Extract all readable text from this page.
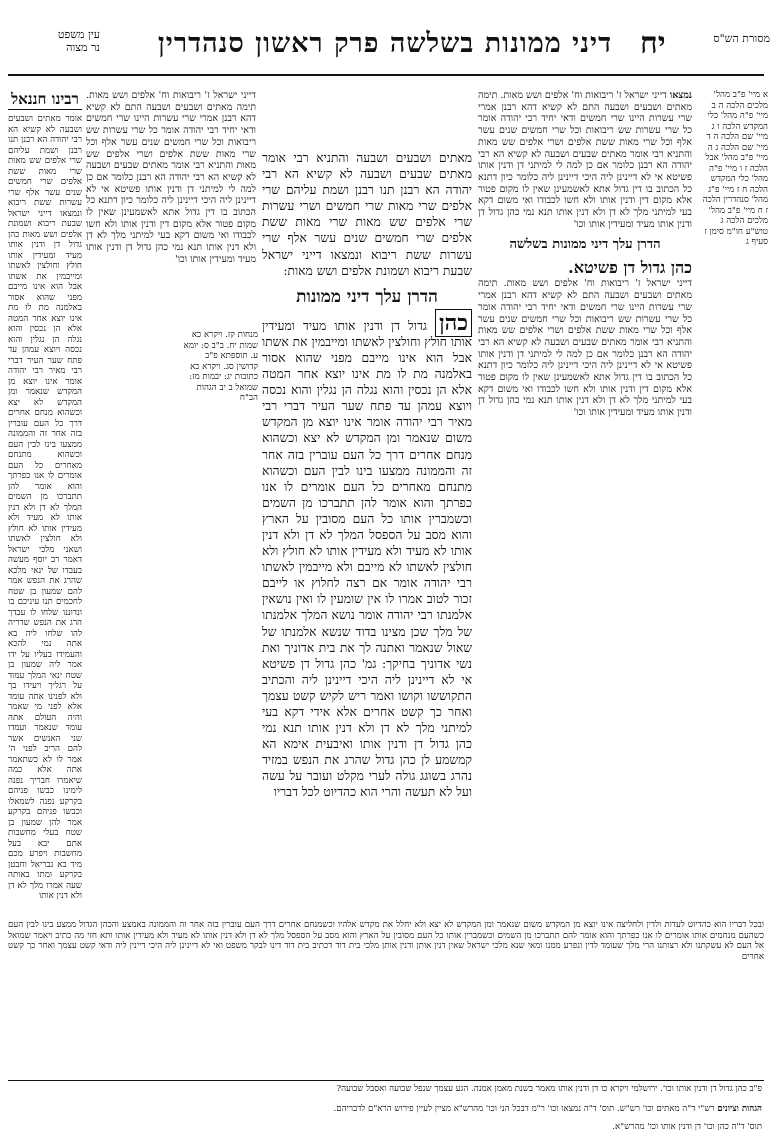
מסורת הש"ס
יח
דיני ממונות בשלשה פרק ראשון סנהדרין
עין משפט
נר מצוה

א מיי' פ"ב מהל' מלכים הלכה ה ב מיי' פ"ה מהל' כלי המקדש הלכה ו ג מיי' שם הלכה ה ד מיי' שם הלכה ג ה מיי' פ"ב מהל' אבל הלכה ז ו מיי' פ"ה מהל' כלי המקדש הלכה ח ז מיי' פ"ג מהל' סנהדרין הלכה ז ח מיי' פ"ב מהל' מלכים הלכה ג טוש"ע חו"מ סימן ז סעיף ג

נמצאו דייני ישראל ז' ריבואות וח' אלפים ושש מאות. תימה מאתים ושבעים ושבעה התם לא קשיא דהא רבנן אמרי שרי עשרות היינו שרי חמשים ודאי יחיד רבי יהודה אומר כל שרי עשרות שש ריבואות וכל שרי חמשים שנים עשר אלף וכל שרי מאות ששת אלפים ושרי אלפים שש מאות והתניא רבי אומר מאתים שבעים ושבעה לא קשיא הא רבי יהודה הא רבנן כלומר אם כן למה לי למיתני דן ודנין אותו פשיטא אי לא דיינינן ליה היכי דיינינן ליה כלומר כיון דתנא כל הכתוב בו דין גדול אתא לאשמעינן שאין לו מקום פטור אלא מקום דין ודנין אותו ולא חשו לכבודו ואי משום דקא בעי למיתני מלך לא דן ולא דנין אותו תנא נמי כהן גדול דן ודנין אותו מעיד ומעידין אותו וכו'
הדרן עלך דיני ממונות בשלשה
כהן גדול דן פשיטא.
דייני ישראל ז' ריבואות וח' אלפים ושש מאות. תימה מאתים ושבעים ושבעה התם לא קשיא דהא רבנן אמרי שרי עשרות היינו שרי חמשים ודאי יחיד רבי יהודה אומר כל שרי עשרות שש ריבואות וכל שרי חמשים שנים עשר אלף וכל שרי מאות ששת אלפים ושרי אלפים שש מאות והתניא רבי אומר מאתים שבעים ושבעה לא קשיא הא רבי יהודה הא רבנן כלומר אם כן למה לי למיתני דן ודנין אותו פשיטא אי לא דיינינן ליה היכי דיינינן ליה כלומר כיון דתנא כל הכתוב בו דין גדול אתא לאשמעינן שאין לו מקום פטור אלא מקום דין ודנין אותו ולא חשו לכבודו ואי משום דקא בעי למיתני מלך לא דן ולא דנין אותו תנא נמי כהן גדול דן ודנין אותו מעיד ומעידין אותו וכו'

מאתים ושבעים ושבעה והתניא רבי אומר מאתים שבעים ושבעה לא קשיא הא רבי יהודה הא רבנן תנו רבנן ושמת עליהם שרי אלפים שרי מאות שרי חמשים ושרי עשרות שרי אלפים שש מאות שרי מאות ששת אלפים שרי חמשים שנים עשר אלף שרי עשרות ששת ריבוא ונמצאו דייני ישראל שבעת ריבוא ושמונת אלפים ושש מאות:

הדרן עלך דיני ממונות

כהן גדול דן ודנין אותו מעיד ומעידין אותו חולץ וחולצין לאשתו ומייבמין את אשתו אבל הוא אינו מייבם מפני שהוא אסור באלמנה מת לו מת אינו יוצא אחר המטה אלא הן נכסין והוא נגלה הן נגלין והוא נכסה ויוצא עמהן עד פתח שער העיר דברי רבי מאיר רבי יהודה אומר אינו יוצא מן המקדש משום שנאמר ומן המקדש לא יצא וכשהוא מנחם אחרים דרך כל העם עוברין בזה אחר זה והממונה ממצעו בינו לבין העם וכשהוא מתנחם מאחרים כל העם אומרים לו אנו כפרתך והוא אומר להן תתברכו מן השמים וכשמברין אותו כל העם מסובין על הארץ והוא מסב על הספסל המלך לא דן ולא דנין אותו לא מעיד ולא מעידין אותו לא חולץ ולא חולצין לאשתו לא מייבם ולא מייבמין לאשתו רבי יהודה אומר אם רצה לחלוץ או לייבם זכור לטוב אמרו לו אין שומעין לו ואין נושאין אלמנתו רבי יהודה אומר נושא המלך אלמנתו של מלך שכן מצינו בדוד שנשא אלמנתו של שאול שנאמר ואתנה לך את בית אדוניך ואת נשי אדוניך בחיקך: גמ' כהן גדול דן פשיטא אי לא דיינינן ליה היכי דיינינן ליה והכתיב התקוששו וקושו ואמר ריש לקיש קשט עצמך ואחר כך קשט אחרים אלא אידי דקא בעי למיתני מלך לא דן ולא דנין אותו תנא נמי כהן גדול דן ודנין אותו ואיבעית אימא הא קמשמע לן כהן גדול שהרג את הנפש במזיד נהרג בשוגג גולה לערי מקלט ועובר על עשה ועל לא תעשה והרי הוא כהדיוט לכל דבריו

דייני ישראל ז' ריבואות וח' אלפים ושש מאות. תימה מאתים ושבעים ושבעה התם לא קשיא דהא רבנן אמרי שרי עשרות היינו שרי חמשים ודאי יחיד רבי יהודה אומר כל שרי עשרות שש ריבואות וכל שרי חמשים שנים עשר אלף וכל שרי מאות ששת אלפים ושרי אלפים שש מאות והתניא רבי אומר מאתים שבעים ושבעה לא קשיא הא רבי יהודה הא רבנן כלומר אם כן למה לי למיתני דן ודנין אותו פשיטא אי לא דיינינן ליה היכי דיינינן ליה כלומר כיון דתנא כל הכתוב בו דין גדול אתא לאשמעינן שאין לו מקום פטור אלא מקום דין ודנין אותו ולא חשו לכבודו ואי משום דקא בעי למיתני מלך לא דן ולא דנין אותו תנא נמי כהן גדול דן ודנין אותו מעיד ומעידין אותו וכו'
רבינו חננאל

אומר מאתים ושבעים ושבעה לא קשיא הא רבי יהודה הא רבנן תנו רבנן ושמת עליהם שרי אלפים שש מאות שרי מאות ששת אלפים שרי חמשים שנים עשר אלף שרי עשרות ששת ריבוא ונמצאו דייני ישראל שבעת ריבוא ושמונת אלפים ושש מאות כהן גדול דן ודנין אותו מעיד ומעידין אותו חולץ וחולצין לאשתו ומייבמין את אשתו אבל הוא אינו מייבם מפני שהוא אסור באלמנה מת לו מת אינו יוצא אחר המטה אלא הן נכסין והוא נגלה הן נגלין והוא נכסה ויוצא עמהן עד פתח שער העיר דברי רבי מאיר רבי יהודה אומר אינו יוצא מן המקדש שנאמר ומן המקדש לא יצא וכשהוא מנחם אחרים דרך כל העם עוברין בזה אחר זה והממונה ממצעו בינו לבין העם וכשהוא מתנחם מאחרים כל העם אומרים לו אנו כפרתך והוא אומר להן תתברכו מן השמים המלך לא דן ולא דנין אותו לא מעיד ולא מעידין אותו לא חולץ ולא חולצין לאשתו ושאני מלכי ישראל דאמר רב יוסף מעשה בעבדו של ינאי מלכא שהרג את הנפש אמר להם שמעון בן שטח לחכמים תנו עיניכם בו ונדוננו שלחו לו עבדך הרג את הנפש שדריה להו שלחו ליה בא אתה נמי להכא והעמידו בעליו על ידו אמר ליה שמעון בן שטח ינאי המלך עמוד על רגליך ויעידו בך ולא לפנינו אתה עומד אלא לפני מי שאמר והיה העולם אתה עומד שנאמר ועמדו שני האנשים אשר להם הריב לפני ה' אמר לו לא כשתאמר אתה אלא כמה שיאמרו חבריך נפנה לימינו כבשו פניהם בקרקע נפנה לשמאלו וכבשו פניהם בקרקע אמר להן שמעון בן שטח בעלי מחשבות אתם יבא בעל מחשבות ויפרע מכם מיד בא גבריאל וחבטן בקרקע ומתו באותה שעה אמרו מלך לא דן ולא דנין אותו

מנחות קז. ויקרא כא שמות יח. ב"ב ס: יומא ע. תוספתא פ"ב קדושין סג. ויקרא כא כתובות יג: יבמות מז: שמואל ב יב הגהות הב"ח

ובכל דבריו הוא כהדיוט לעדות ולדין ולחליצה אינו יוצא מן המקדש משום שנאמר ומן המקדש לא יצא ולא יחלל את מקדש אלהיו וכשמנחם אחרים דרך העם עוברין בזה אחר זה והממונה באמצע והכהן הגדול ממצע בינו לבין העם כשהעם מנחמים אותו אומרים לו אנו כפרתך והוא אומר להם תתברכו מן השמים וכשמברין אותו כל העם מסובין על הארץ והוא מסב על הספסל מלך לא דן ולא דנין אותו לא מעיד ולא מעידין אותו ותא חזי מה כתיב ויאמר שמואל אל העם לא עשקתנו ולא רצותנו הרי מלך שעומד לדין ונפרע ממנו ומאי שנא מלכי ישראל שאין דנין אותן ודנין אותן מלכי בית דוד דכתיב בית דוד דינו לבקר משפט ואי לא דיינינן ליה היכי דיינין ליה ודאי קשט עצמך ואחר כך קשט אחרים

פ"ב כהן גדול דן ודנין אותו וכו'. ירושלמי ויקרא כו דן ודנין אותו מאמר בשנת מאמן אמנה. הגע עצמך שנפל שבועה ואסבל שבועה?
הגהות וציונים רש"י ד"ה מאתים וכו' רש"ש. תוס' ד"ה נמצאו וכו' ר"מ דבכל הני וכו' מהרש"א מציין לעיין פירוש הרא"ם לדבריהם.
תוס' ד"ה כהן וכו' דן ודנין אותו וכו' מהרש"א.
